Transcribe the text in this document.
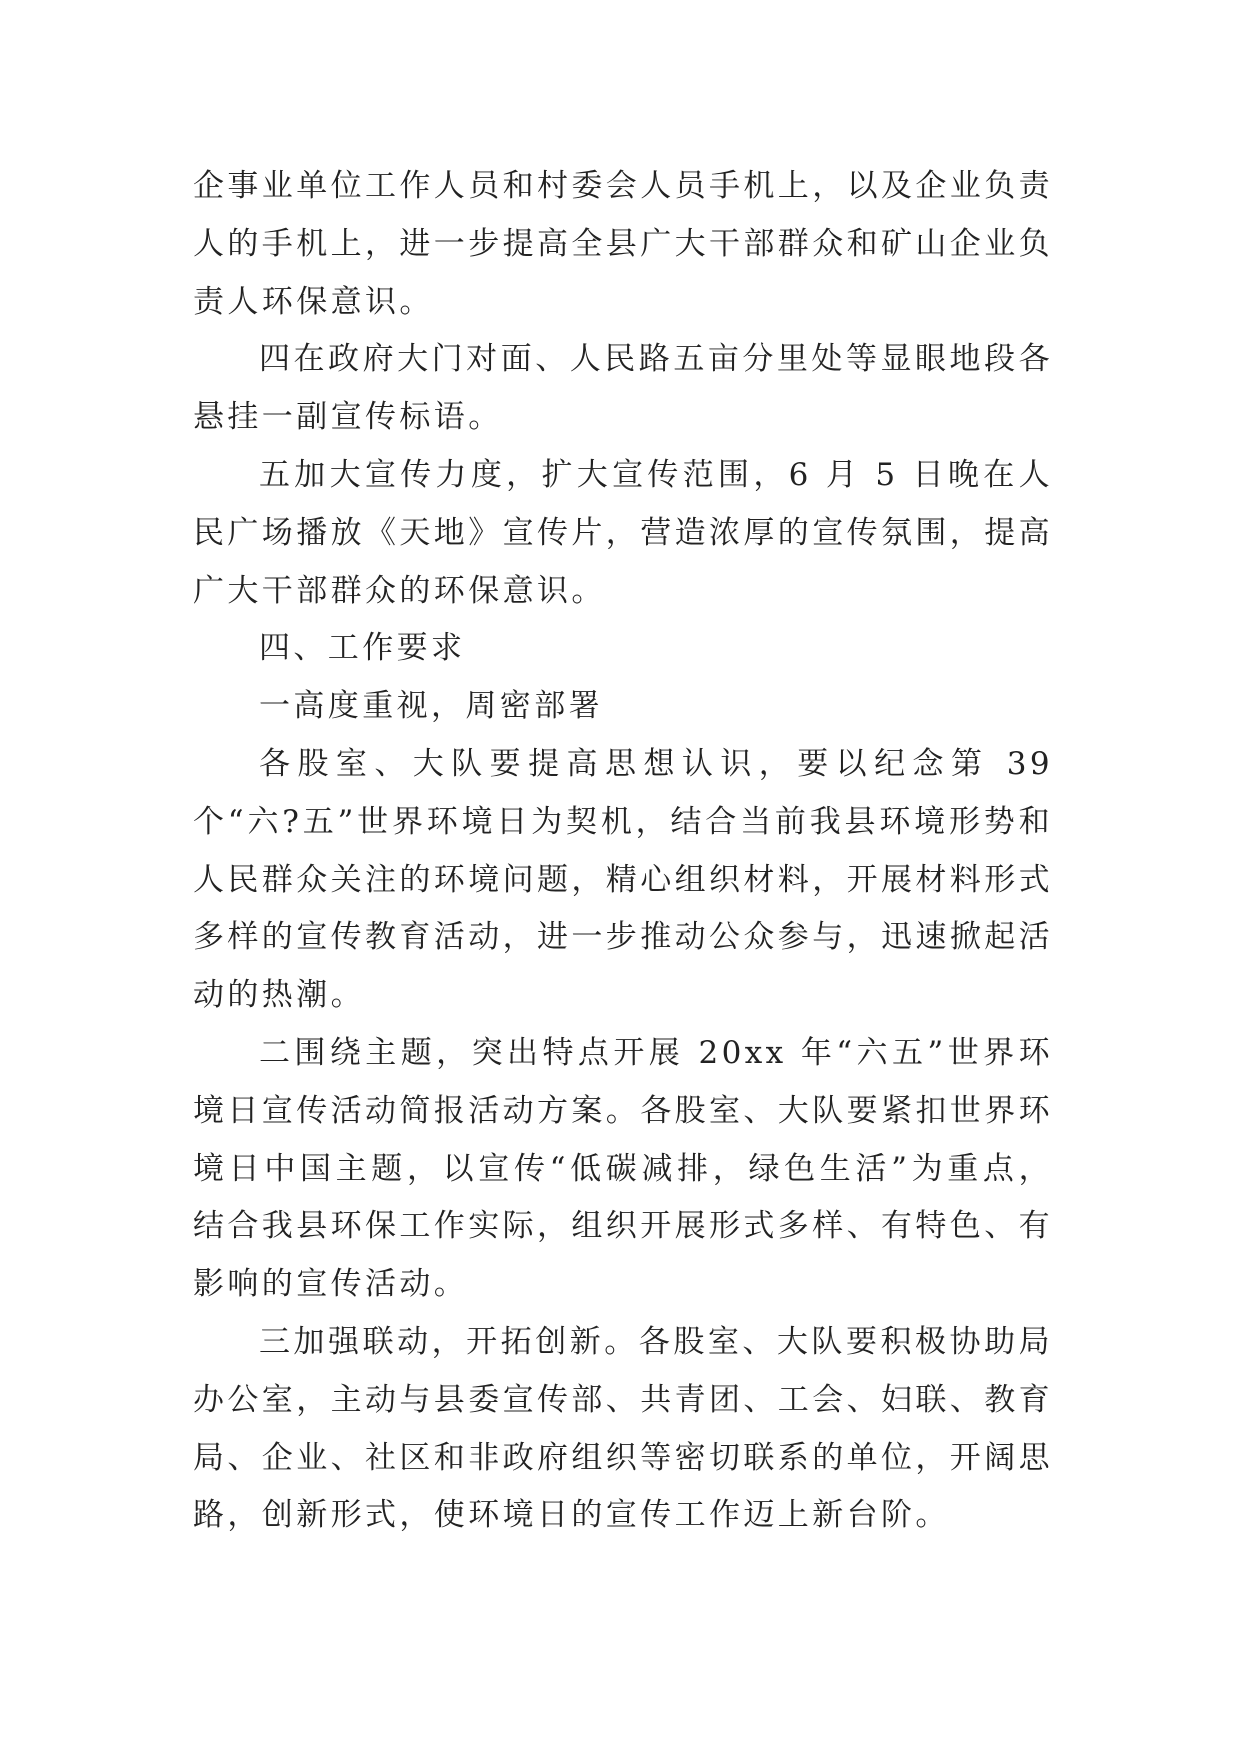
企事业单位工作人员和村委会人员手机上，以及企业负责人的手机上，进一步提高全县广大干部群众和矿山企业负责人环保意识。

四在政府大门对面、人民路五亩分里处等显眼地段各悬挂一副宣传标语。

五加大宣传力度，扩大宣传范围，6 月 5 日晚在人民广场播放《天地》宣传片，营造浓厚的宣传氛围，提高广大干部群众的环保意识。

四、工作要求

一高度重视，周密部署

各股室、大队要提高思想认识，要以纪念第 39 个“六?五”世界环境日为契机，结合当前我县环境形势和人民群众关注的环境问题，精心组织材料，开展材料形式多样的宣传教育活动，进一步推动公众参与，迅速掀起活动的热潮。

二围绕主题，突出特点开展 20xx 年“六五”世界环境日宣传活动简报活动方案。各股室、大队要紧扣世界环境日中国主题，以宣传“低碳减排，绿色生活”为重点，结合我县环保工作实际，组织开展形式多样、有特色、有影响的宣传活动。

三加强联动，开拓创新。各股室、大队要积极协助局办公室，主动与县委宣传部、共青团、工会、妇联、教育局、企业、社区和非政府组织等密切联系的单位，开阔思路，创新形式，使环境日的宣传工作迈上新台阶。
